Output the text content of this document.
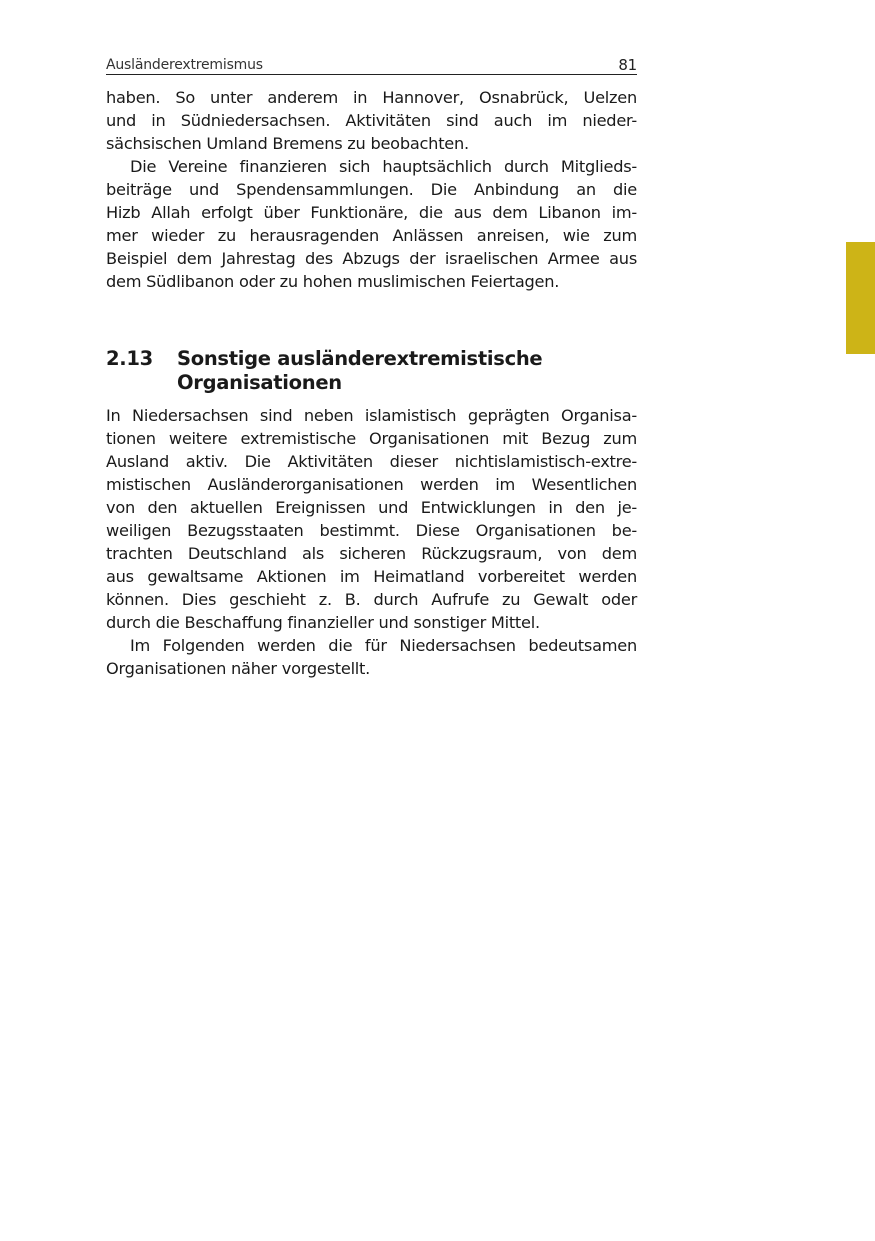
Ausländerextremismus	81

haben. So unter anderem in Hannover, Osnabrück, Uelzen
und in Südniedersachsen. Aktivitäten sind auch im nieder-
sächsischen Umland Bremens zu beobachten.

Die Vereine finanzieren sich hauptsächlich durch Mitglieds-
beiträge und Spendensammlungen. Die Anbindung an die
Hizb Allah erfolgt über Funktionäre, die aus dem Libanon im-
mer wieder zu herausragenden Anlässen anreisen, wie zum
Beispiel dem Jahrestag des Abzugs der israelischen Armee aus
dem Südlibanon oder zu hohen muslimischen Feiertagen.

2.13	Sonstige ausländerextremistische
Organisationen

In Niedersachsen sind neben islamistisch geprägten Organisa-
tionen weitere extremistische Organisationen mit Bezug zum
Ausland aktiv. Die Aktivitäten dieser nichtislamistisch-extre-
mistischen Ausländerorganisationen werden im Wesentlichen
von den aktuellen Ereignissen und Entwicklungen in den je-
weiligen Bezugsstaaten bestimmt. Diese Organisationen be-
trachten Deutschland als sicheren Rückzugsraum, von dem
aus gewaltsame Aktionen im Heimatland vorbereitet werden
können. Dies geschieht z. B. durch Aufrufe zu Gewalt oder
durch die Beschaffung finanzieller und sonstiger Mittel.

Im Folgenden werden die für Niedersachsen bedeutsamen
Organisationen näher vorgestellt.
